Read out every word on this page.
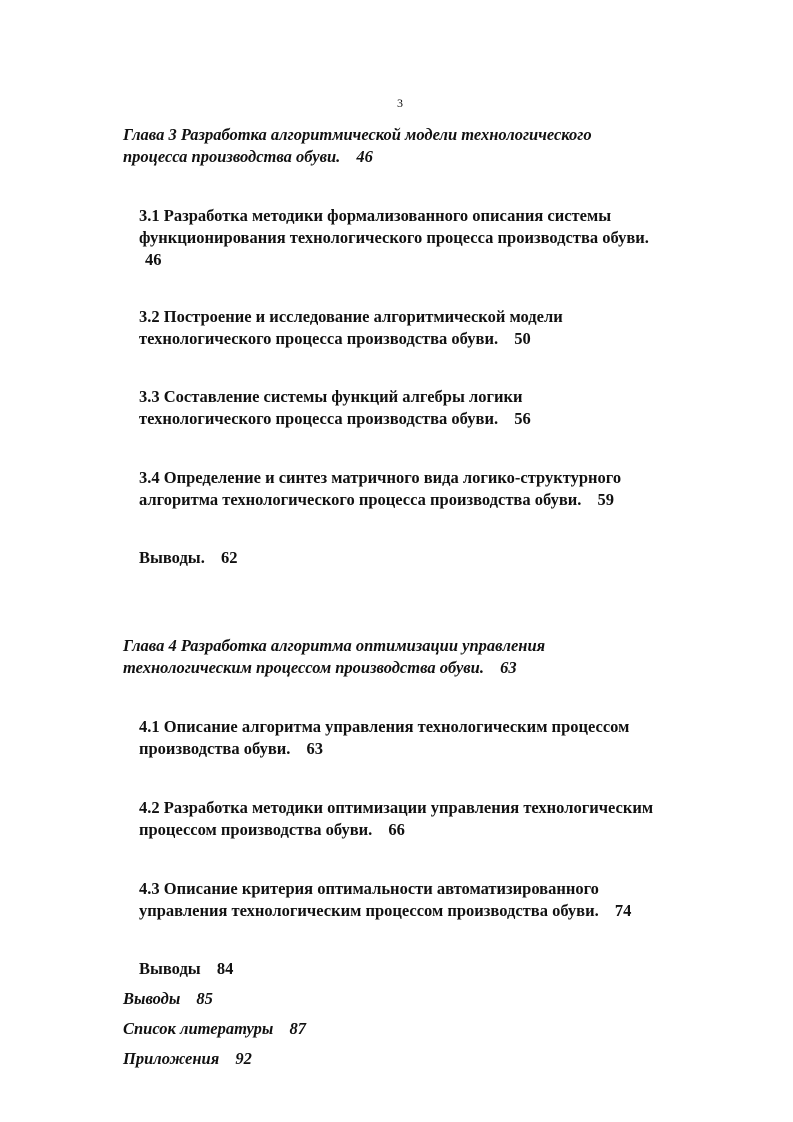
3
Глава 3 Разработка алгоритмической модели технологического
процесса производства обуви. 46
3.1 Разработка методики формализованного описания системы
функционирования технологического процесса производства обуви.
46
3.2 Построение и исследование алгоритмической модели
технологического процесса производства обуви. 50
3.3 Составление системы функций алгебры логики
технологического процесса производства обуви. 56
3.4 Определение и синтез матричного вида логико-структурного
алгоритма технологического процесса производства обуви. 59
Выводы. 62
Глава 4 Разработка алгоритма оптимизации управления
технологическим процессом производства обуви. 63
4.1 Описание алгоритма управления технологическим процессом
производства обуви. 63
4.2 Разработка методики оптимизации управления технологическим
процессом производства обуви. 66
4.3 Описание критерия оптимальности автоматизированного
управления технологическим процессом производства обуви. 74
Выводы 84
Выводы 85
Список литературы 87
Приложения 92
